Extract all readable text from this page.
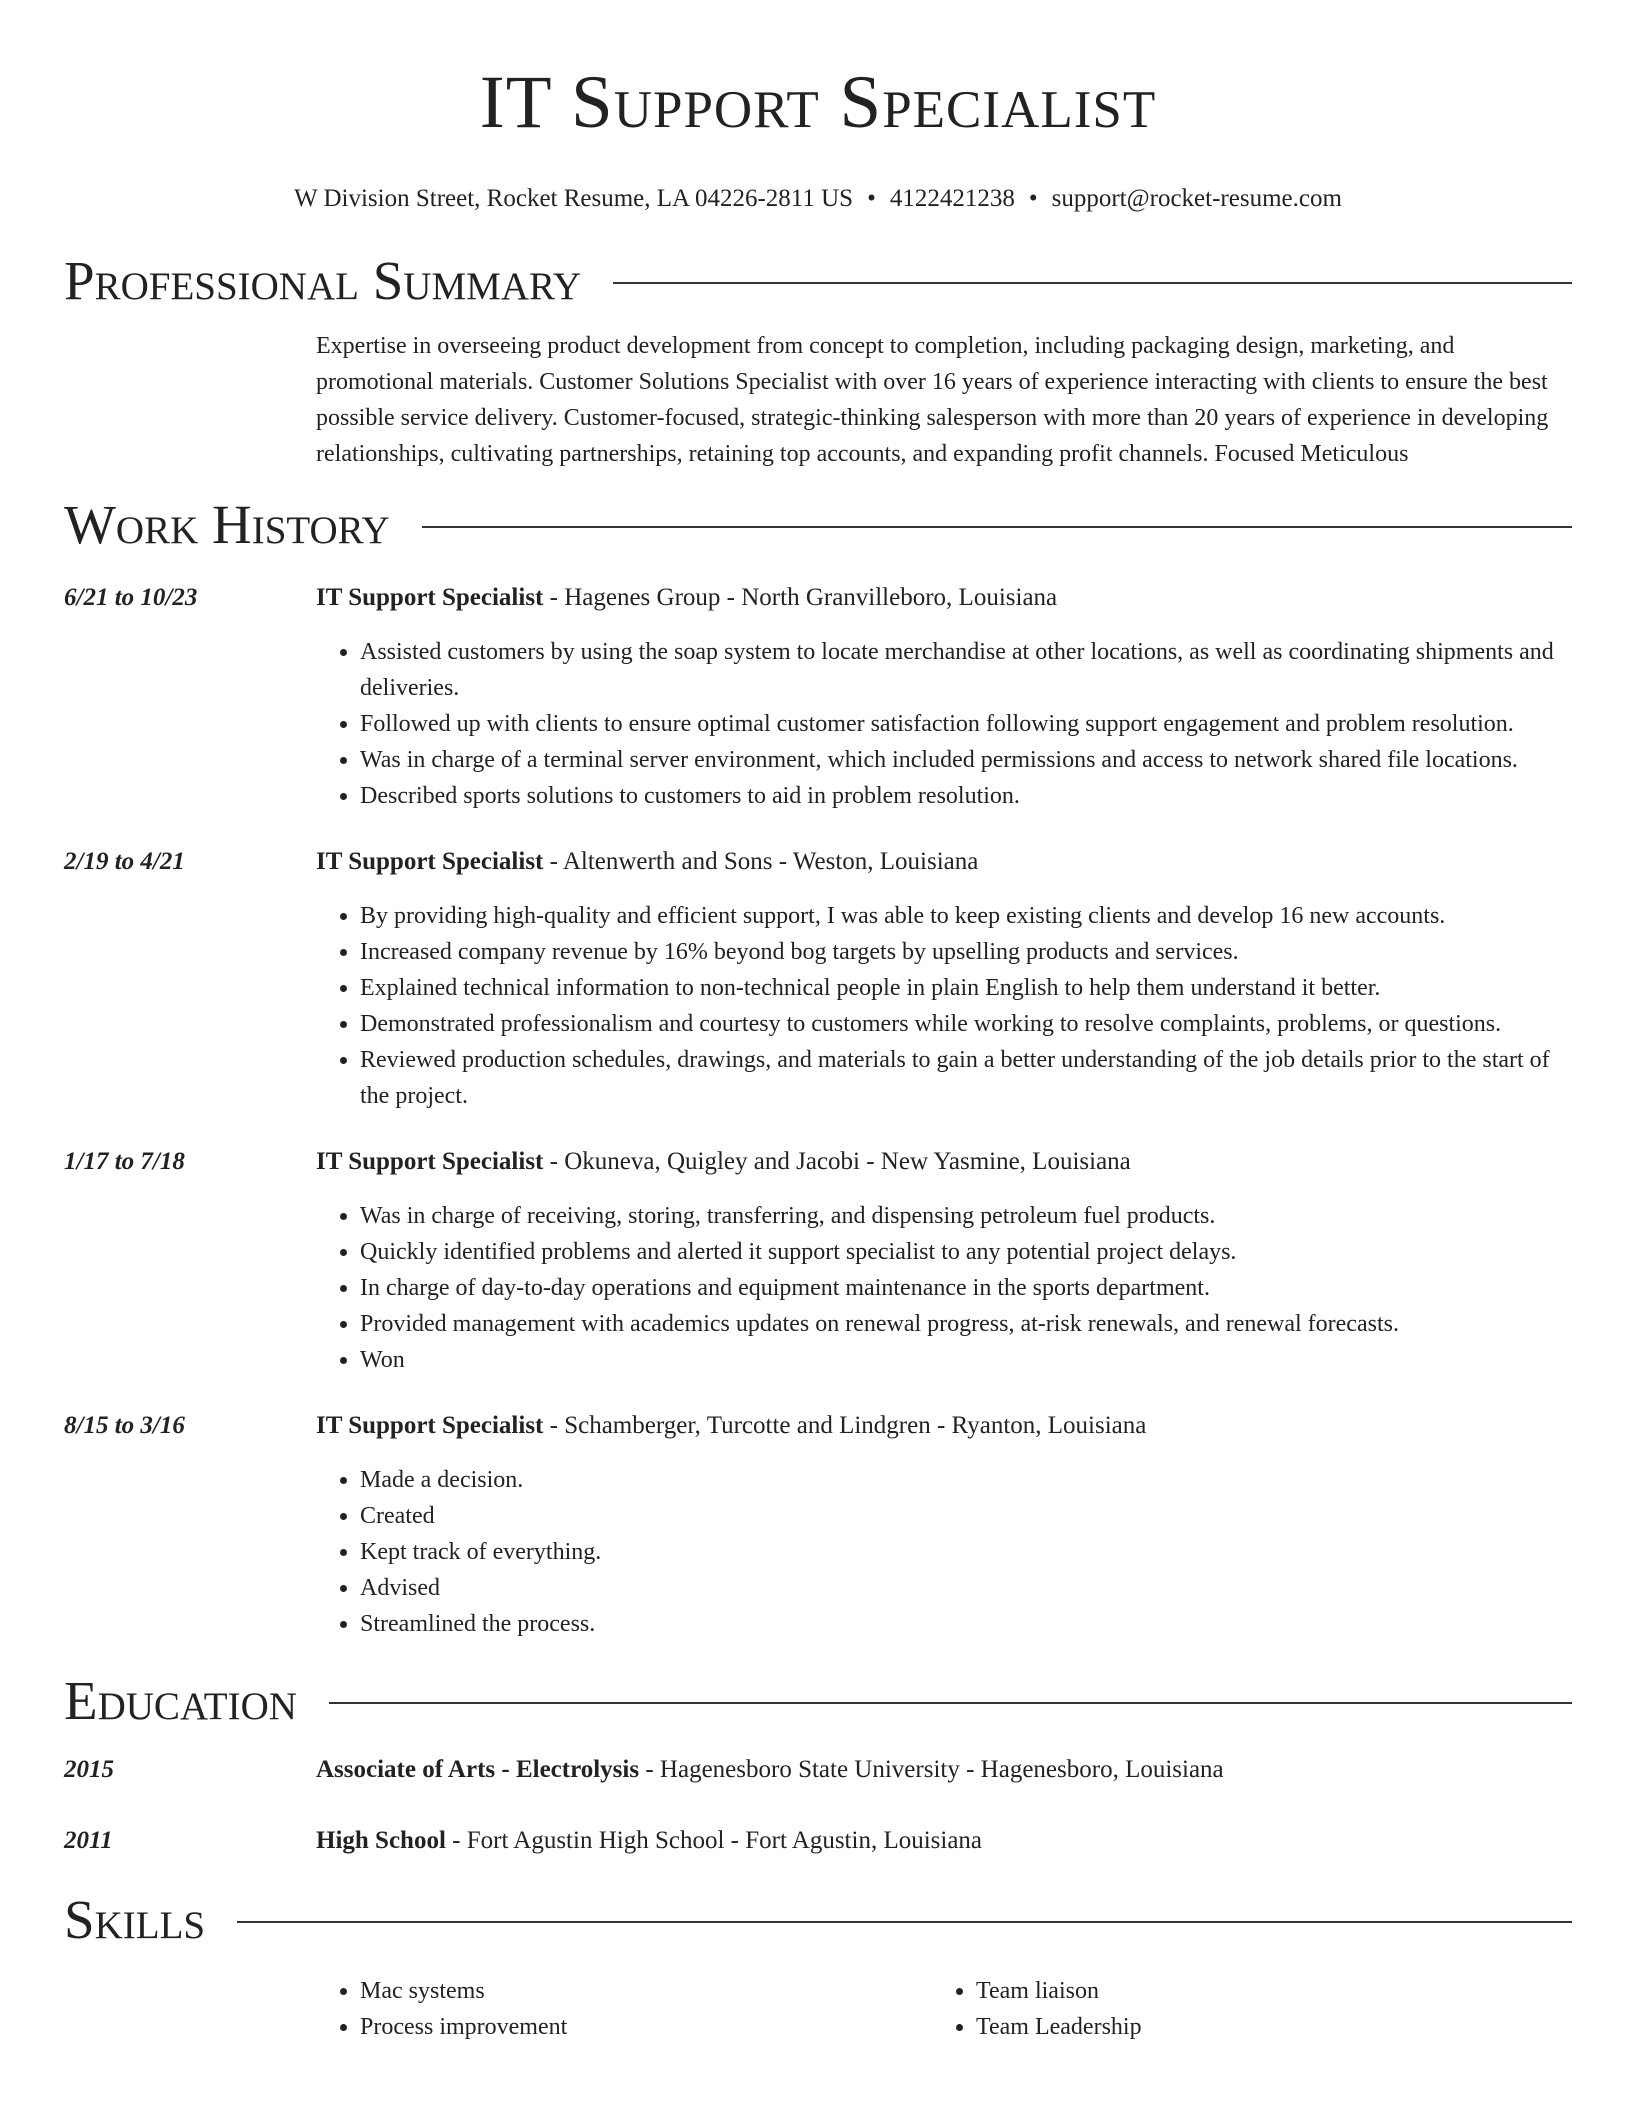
IT Support Specialist
W Division Street, Rocket Resume, LA 04226-2811 US • 4122421238 • support@rocket-resume.com
Professional Summary
Expertise in overseeing product development from concept to completion, including packaging design, marketing, and promotional materials. Customer Solutions Specialist with over 16 years of experience interacting with clients to ensure the best possible service delivery. Customer-focused, strategic-thinking salesperson with more than 20 years of experience in developing relationships, cultivating partnerships, retaining top accounts, and expanding profit channels. Focused Meticulous
Work History
6/21 to 10/23	IT Support Specialist - Hagenes Group - North Granvilleboro, Louisiana
• Assisted customers by using the soap system to locate merchandise at other locations, as well as coordinating shipments and deliveries.
• Followed up with clients to ensure optimal customer satisfaction following support engagement and problem resolution.
• Was in charge of a terminal server environment, which included permissions and access to network shared file locations.
• Described sports solutions to customers to aid in problem resolution.
2/19 to 4/21	IT Support Specialist - Altenwerth and Sons - Weston, Louisiana
• By providing high-quality and efficient support, I was able to keep existing clients and develop 16 new accounts.
• Increased company revenue by 16% beyond bog targets by upselling products and services.
• Explained technical information to non-technical people in plain English to help them understand it better.
• Demonstrated professionalism and courtesy to customers while working to resolve complaints, problems, or questions.
• Reviewed production schedules, drawings, and materials to gain a better understanding of the job details prior to the start of the project.
1/17 to 7/18	IT Support Specialist - Okuneva, Quigley and Jacobi - New Yasmine, Louisiana
• Was in charge of receiving, storing, transferring, and dispensing petroleum fuel products.
• Quickly identified problems and alerted it support specialist to any potential project delays.
• In charge of day-to-day operations and equipment maintenance in the sports department.
• Provided management with academics updates on renewal progress, at-risk renewals, and renewal forecasts.
• Won
8/15 to 3/16	IT Support Specialist - Schamberger, Turcotte and Lindgren - Ryanton, Louisiana
• Made a decision.
• Created
• Kept track of everything.
• Advised
• Streamlined the process.
Education
2015	Associate of Arts - Electrolysis - Hagenesboro State University - Hagenesboro, Louisiana
2011	High School - Fort Agustin High School - Fort Agustin, Louisiana
Skills
• Mac systems
• Process improvement
• Team liaison
• Team Leadership
